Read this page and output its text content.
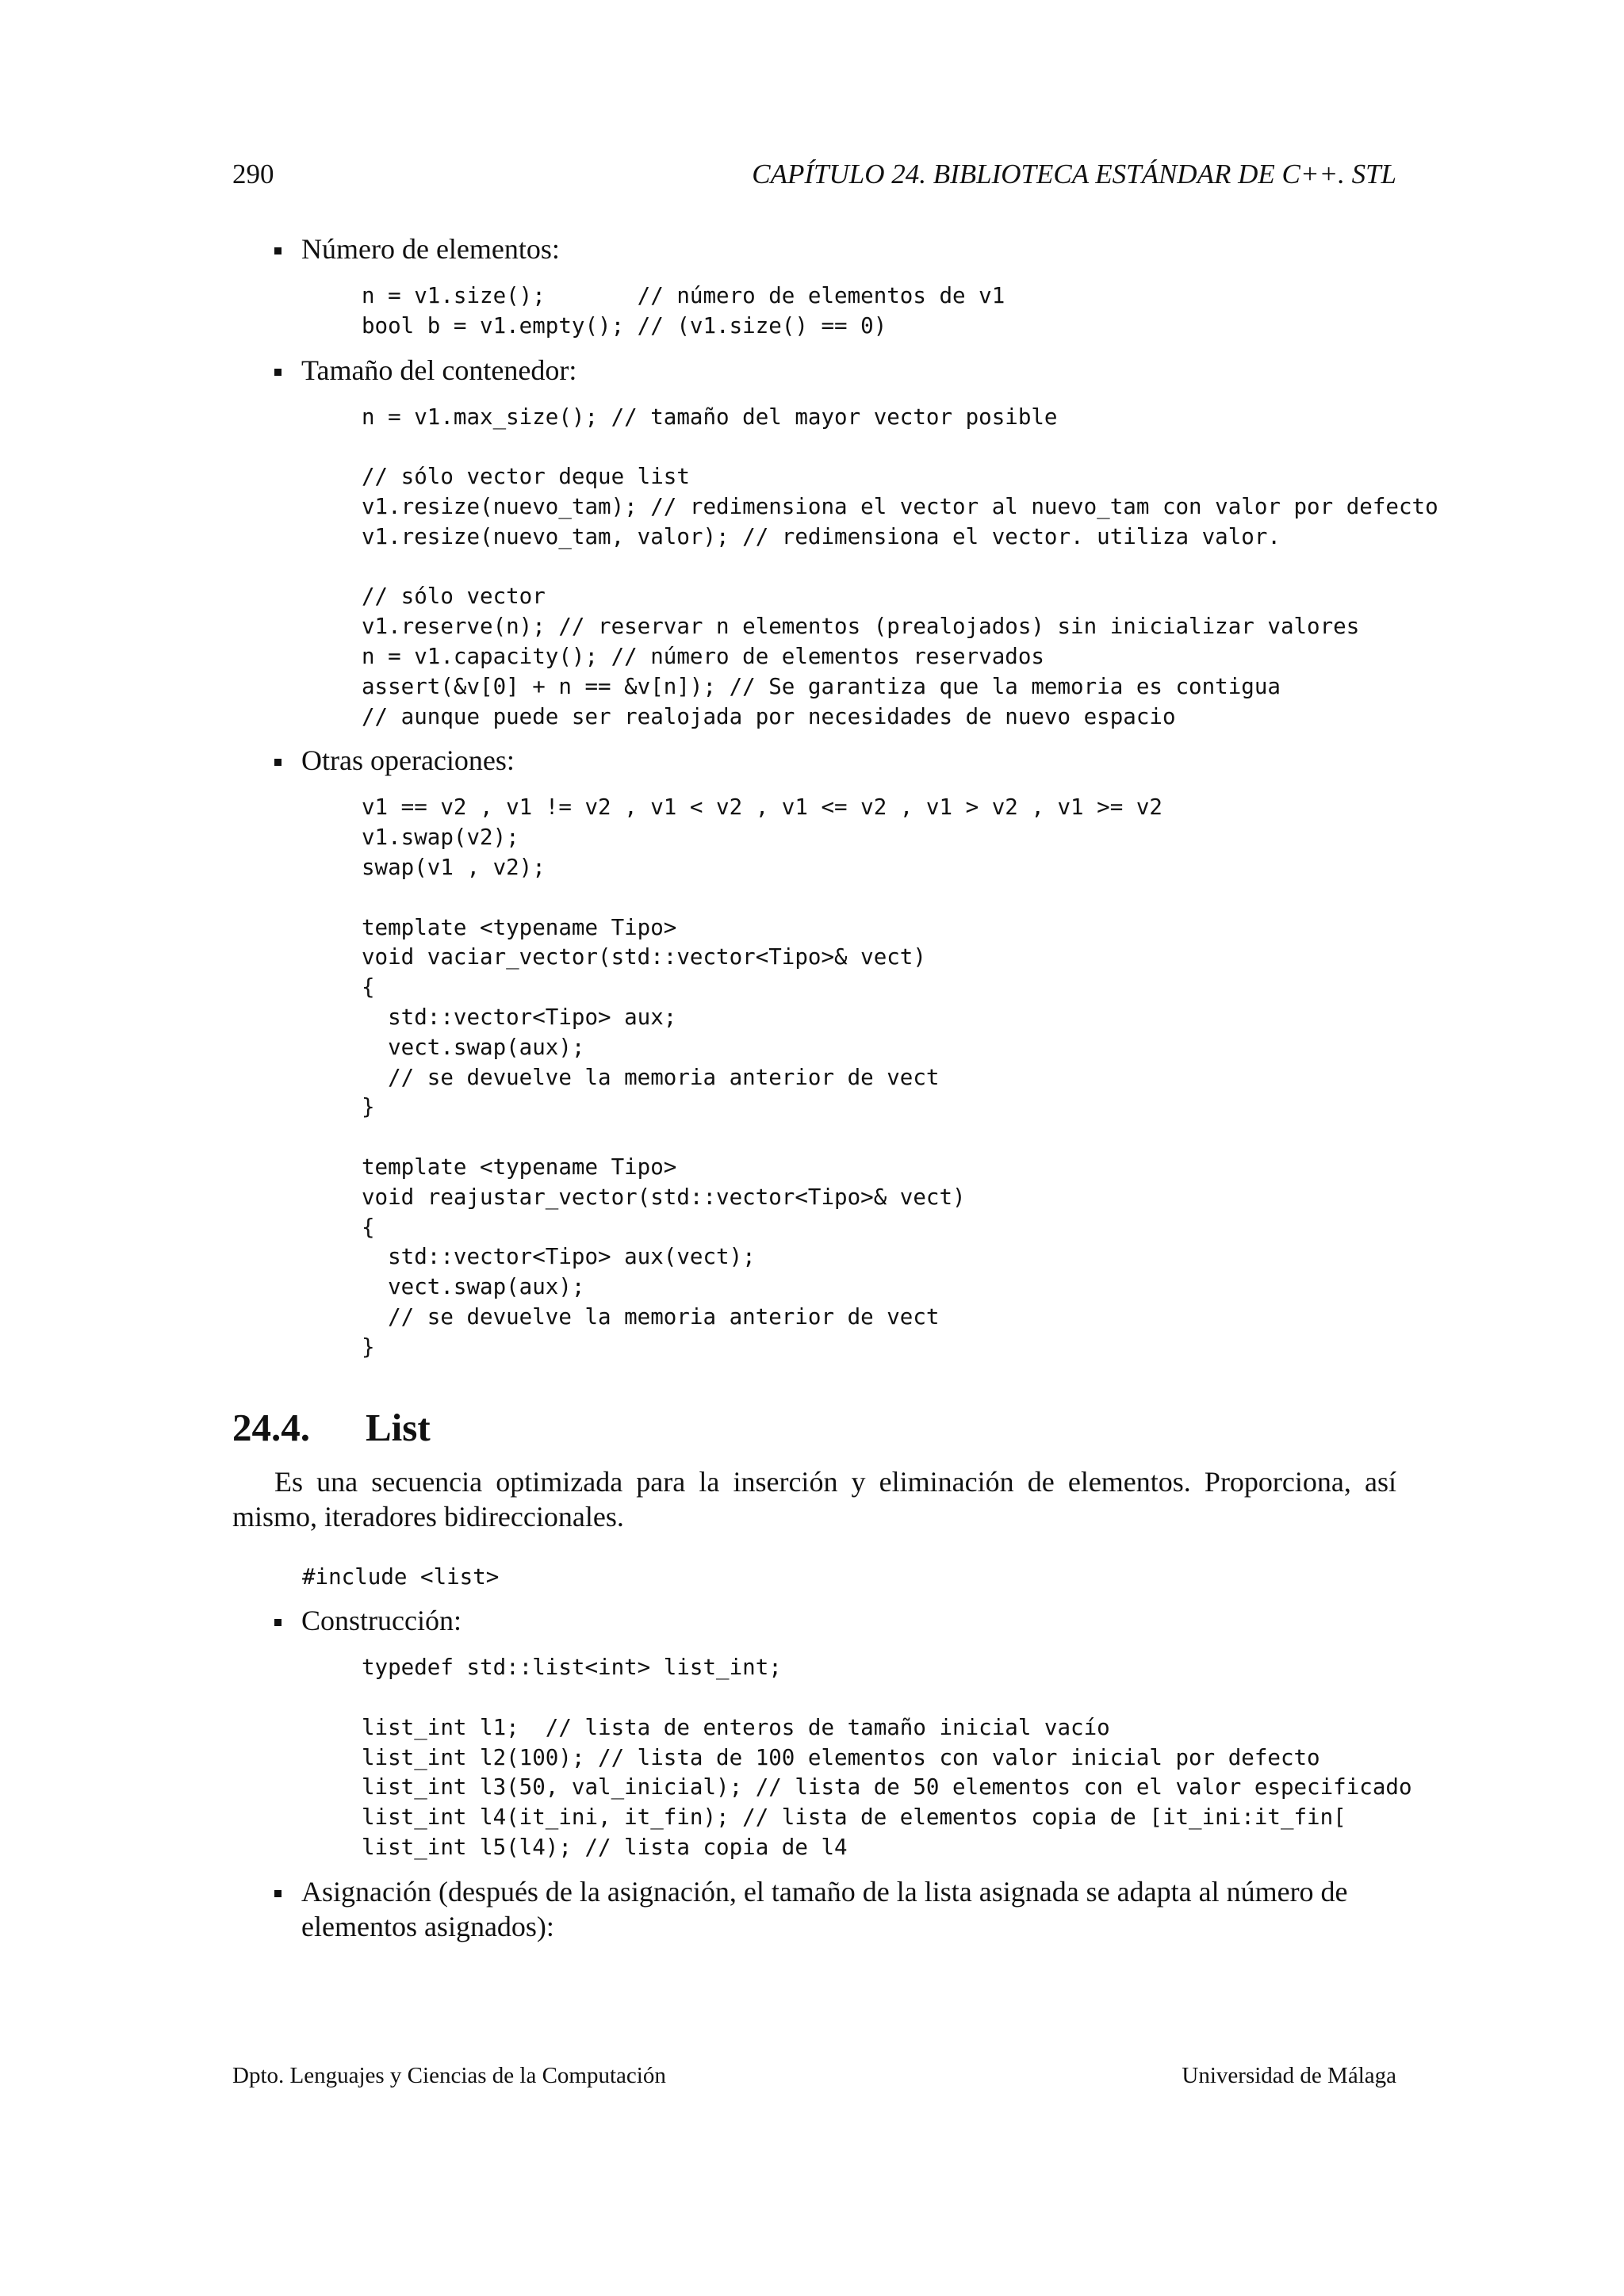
290	CAPÍTULO 24. BIBLIOTECA ESTÁNDAR DE C++. STL
Número de elementos:
n = v1.size();       // número de elementos de v1
bool b = v1.empty(); // (v1.size() == 0)
Tamaño del contenedor:
n = v1.max_size(); // tamaño del mayor vector posible

// sólo vector deque list
v1.resize(nuevo_tam); // redimensiona el vector al nuevo_tam con valor por defecto
v1.resize(nuevo_tam, valor); // redimensiona el vector. utiliza valor.

// sólo vector
v1.reserve(n); // reservar n elementos (prealojados) sin inicializar valores
n = v1.capacity(); // número de elementos reservados
assert(&v[0] + n == &v[n]); // Se garantiza que la memoria es contigua
// aunque puede ser realojada por necesidades de nuevo espacio
Otras operaciones:
v1 == v2 , v1 != v2 , v1 < v2 , v1 <= v2 , v1 > v2 , v1 >= v2
v1.swap(v2);
swap(v1 , v2);

template <typename Tipo>
void vaciar_vector(std::vector<Tipo>& vect)
{
std::vector<Tipo> aux;
vect.swap(aux);
// se devuelve la memoria anterior de vect
}

template <typename Tipo>
void reajustar_vector(std::vector<Tipo>& vect)
{
std::vector<Tipo> aux(vect);
vect.swap(aux);
// se devuelve la memoria anterior de vect
}
24.4. List

Es una secuencia optimizada para la inserción y eliminación de elementos. Proporciona, así mismo, iteradores bidireccionales.

#include <list>
Construcción:
typedef std::list<int> list_int;

list_int l1;  // lista de enteros de tamaño inicial vacío
list_int l2(100); // lista de 100 elementos con valor inicial por defecto
list_int l3(50, val_inicial); // lista de 50 elementos con el valor especificado
list_int l4(it_ini, it_fin); // lista de elementos copia de [it_ini:it_fin[
list_int l5(l4); // lista copia de l4
Asignación (después de la asignación, el tamaño de la lista asignada se adapta al número de elementos asignados):
Dpto. Lenguajes y Ciencias de la Computación	Universidad de Málaga
